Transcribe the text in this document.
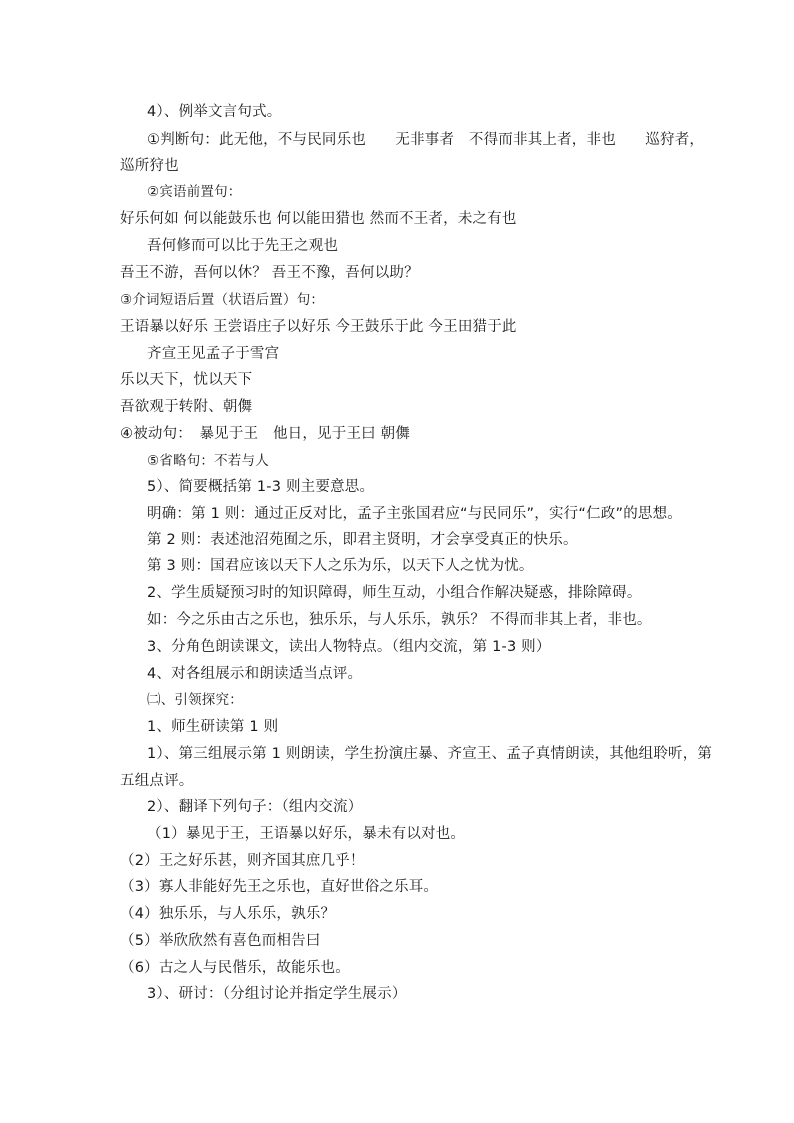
4）、例举文言句式。
①判断句：此无他，不与民同乐也　　无非事者　不得而非其上者，非也　　巡狩者，
巡所狩也
②宾语前置句：
好乐何如 何以能鼓乐也 何以能田猎也 然而不王者，未之有也
吾何修而可以比于先王之观也
吾王不游，吾何以休？ 吾王不豫，吾何以助？
③介词短语后置（状语后置）句：
王语暴以好乐 王尝语庄子以好乐 今王鼓乐于此 今王田猎于此
齐宣王见孟子于雪宫
乐以天下，忧以天下
吾欲观于转附、朝儛
④被动句：　暴见于王　他日，见于王曰 朝儛
⑤省略句：不若与人
5）、简要概括第 1-3 则主要意思。
明确：第 1 则：通过正反对比，孟子主张国君应“与民同乐”，实行“仁政”的思想。
第 2 则：表述池沼苑囿之乐，即君主贤明，才会享受真正的快乐。
第 3 则：国君应该以天下人之乐为乐，以天下人之忧为忧。
2、学生质疑预习时的知识障碍，师生互动，小组合作解决疑惑，排除障碍。
如：今之乐由古之乐也，独乐乐，与人乐乐，孰乐？ 不得而非其上者，非也。
3、分角色朗读课文，读出人物特点。（组内交流，第 1-3 则）
4、对各组展示和朗读适当点评。
㈡、引领探究：
1、师生研读第 1 则
1）、第三组展示第 1 则朗读，学生扮演庄暴、齐宣王、孟子真情朗读，其他组聆听，第
五组点评。
2）、翻译下列句子：（组内交流）
（1）暴见于王，王语暴以好乐，暴未有以对也。
（2）王之好乐甚，则齐国其庶几乎！
（3）寡人非能好先王之乐也，直好世俗之乐耳。
（4）独乐乐，与人乐乐，孰乐？
（5）举欣欣然有喜色而相告曰
（6）古之人与民偕乐，故能乐也。
3）、研讨：（分组讨论并指定学生展示）
